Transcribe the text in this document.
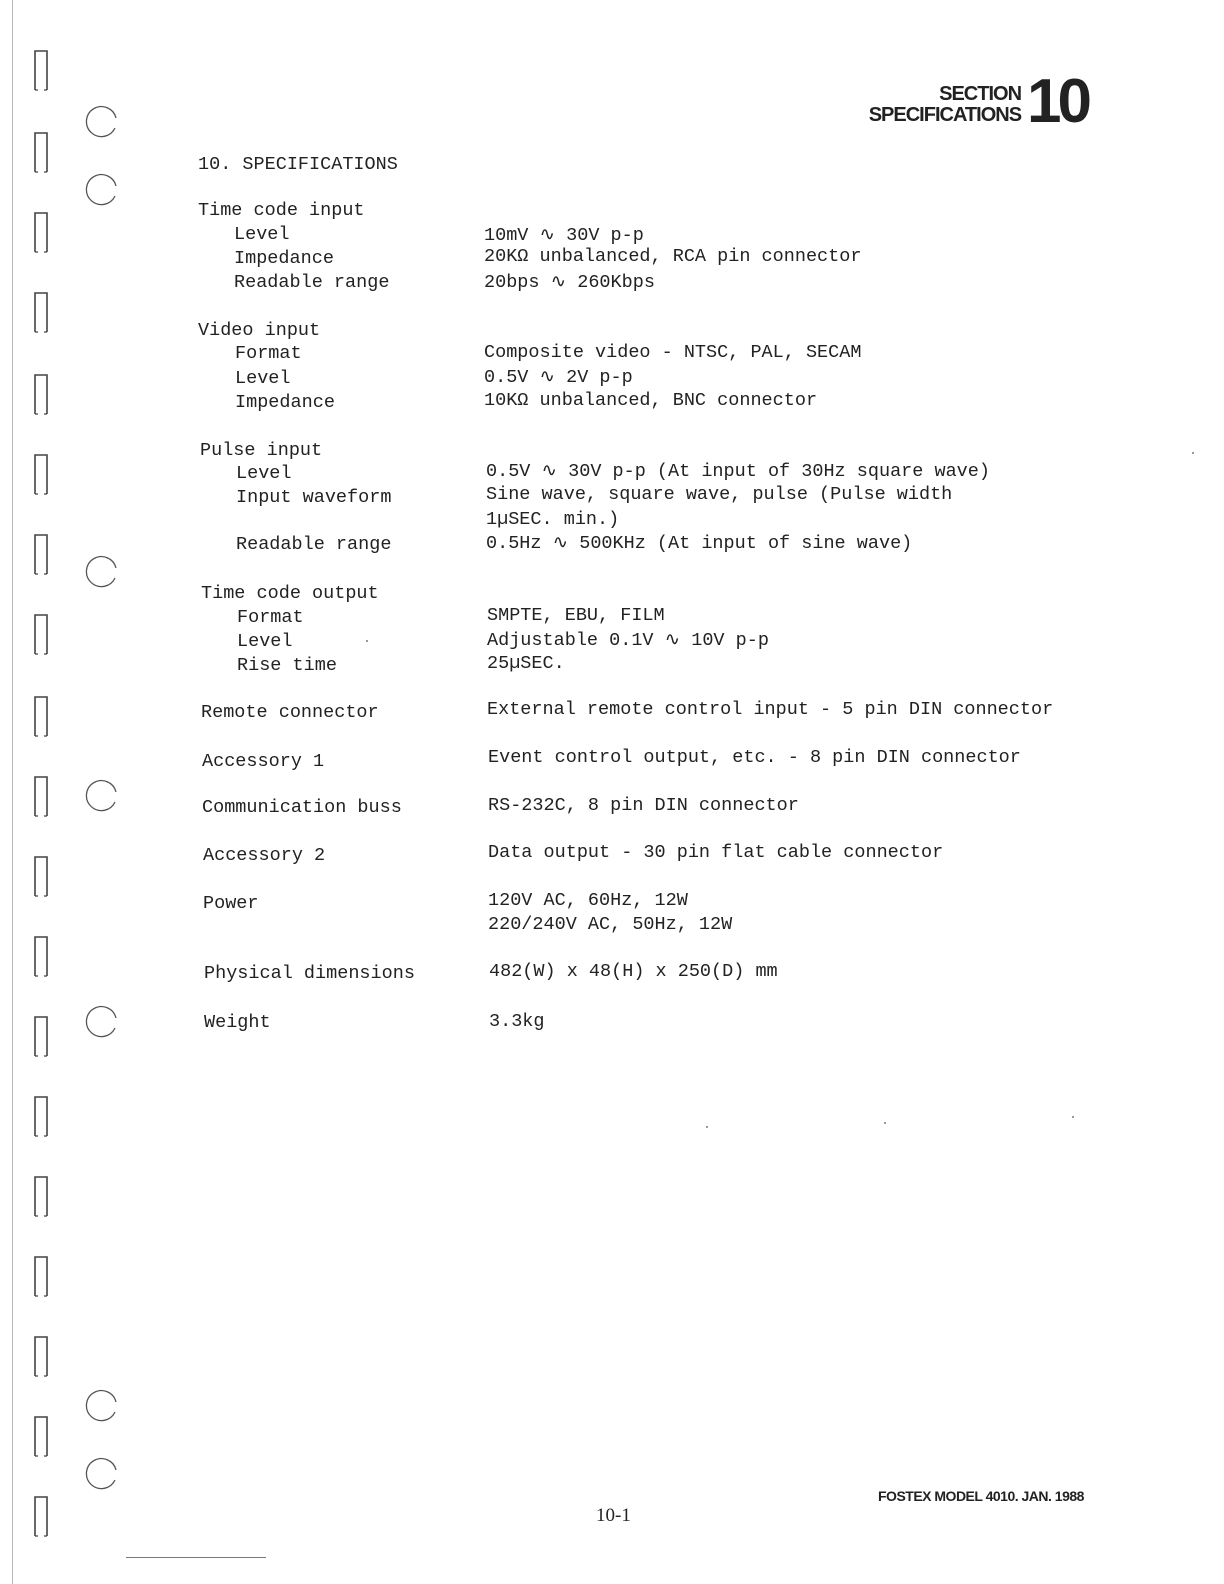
SECTION
SPECIFICATIONS 10
10. SPECIFICATIONS
Time code input
Level	10mV ∿ 30V p-p
Impedance	20KΩ unbalanced, RCA pin connector
Readable range	20bps ∿ 260Kbps
Video input
Format	Composite video - NTSC, PAL, SECAM
Level	0.5V ∿ 2V p-p
Impedance	10KΩ unbalanced, BNC connector
Pulse input
Level	0.5V ∿ 30V p-p (At input of 30Hz square wave)
Input waveform	Sine wave, square wave, pulse (Pulse width
1µSEC. min.)
Readable range	0.5Hz ∿ 500KHz (At input of sine wave)
Time code output
Format	SMPTE, EBU, FILM
Level	Adjustable 0.1V ∿ 10V p-p
Rise time	25µSEC.
Remote connector	External remote control input - 5 pin DIN connector
Accessory 1	Event control output, etc. - 8 pin DIN connector
Communication buss	RS-232C, 8 pin DIN connector
Accessory 2	Data output - 30 pin flat cable connector
Power	120V AC, 60Hz, 12W
220/240V AC, 50Hz, 12W
Physical dimensions	482(W) x 48(H) x 250(D) mm
Weight	3.3kg
FOSTEX MODEL 4010. JAN. 1988
10-1
